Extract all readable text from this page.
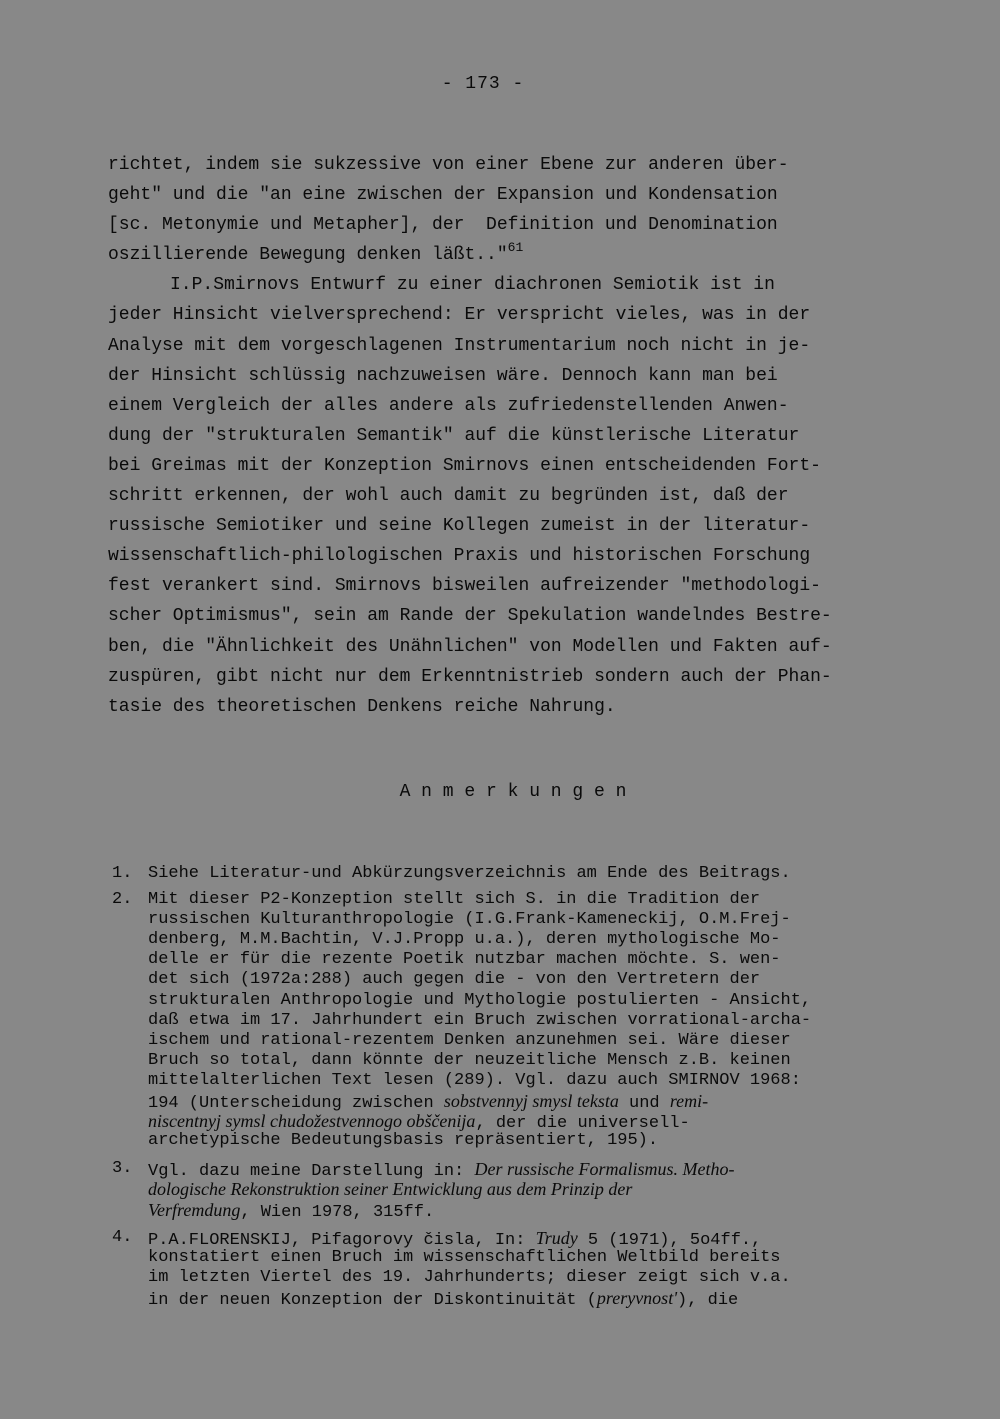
- 173 -
richtet, indem sie sukzessive von einer Ebene zur anderen über-
geht" und die "an eine zwischen der Expansion und Kondensation
[sc. Metonymie und Metapher], der  Definition und Denomination
oszillierende Bewegung denken läßt.."$^{61}$
I.P.Smirnovs Entwurf zu einer diachronen Semiotik ist in
jeder Hinsicht vielversprechend: Er verspricht vieles, was in der
Analyse mit dem vorgeschlagenen Instrumentarium noch nicht in je-
der Hinsicht schlüssig nachzuweisen wäre. Dennoch kann man bei
einem Vergleich der alles andere als zufriedenstellenden Anwen-
dung der "strukturalen Semantik" auf die künstlerische Literatur
bei Greimas mit der Konzeption Smirnovs einen entscheidenden Fort-
schritt erkennen, der wohl auch damit zu begründen ist, daß der
russische Semiotiker und seine Kollegen zumeist in der literatur-
wissenschaftlich-philologischen Praxis und historischen Forschung
fest verankert sind. Smirnovs bisweilen aufreizender "methodologi-
scher Optimismus", sein am Rande der Spekulation wandelndes Bestre-
ben, die "Ähnlichkeit des Unähnlichen" von Modellen und Fakten auf-
zuspüren, gibt nicht nur dem Erkenntnistrieb sondern auch der Phan-
tasie des theoretischen Denkens reiche Nahrung.
A n m e r k u n g e n
1. Siehe Literatur-und Abkürzungsverzeichnis am Ende des Beitrags.
2. Mit dieser P2-Konzeption stellt sich S. in die Tradition der
russischen Kulturanthropologie (I.G.Frank-Kameneckij, O.M.Frej-
denberg, M.M.Bachtin, V.J.Propp u.a.), deren mythologische Mo-
delle er für die rezente Poetik nutzbar machen möchte. S. wen-
det sich (1972a:288) auch gegen die - von den Vertretern der
strukturalen Anthropologie und Mythologie postulierten - Ansicht,
daß etwa im 17. Jahrhundert ein Bruch zwischen vorrational-archa-
ischem und rational-rezentem Denken anzunehmen sei. Wäre dieser
Bruch so total, dann könnte der neuzeitliche Mensch z.B. keinen
mittelalterlichen Text lesen (289). Vgl. dazu auch SMIRNOV 1968:
194 (Unterscheidung zwischen sobstvennyj smysl teksta und remi-
niscentnyj symsl chudožestvennogo obščenija, der die universell-
archetypische Bedeutungsbasis repräsentiert, 195).
3. Vgl. dazu meine Darstellung in: Der russische Formalismus. Metho-
dologische Rekonstruktion seiner Entwicklung aus dem Prinzip der
Verfremdung, Wien 1978, 315ff.
4. P.A.FLORENSKIJ, Pifagorovy čisla, In: Trudy 5 (1971), 5o4ff.,
konstatiert einen Bruch im wissenschaftlichen Weltbild bereits
im letzten Viertel des 19. Jahrhunderts; dieser zeigt sich v.a.
in der neuen Konzeption der Diskontinuität (preryvnost'), die
